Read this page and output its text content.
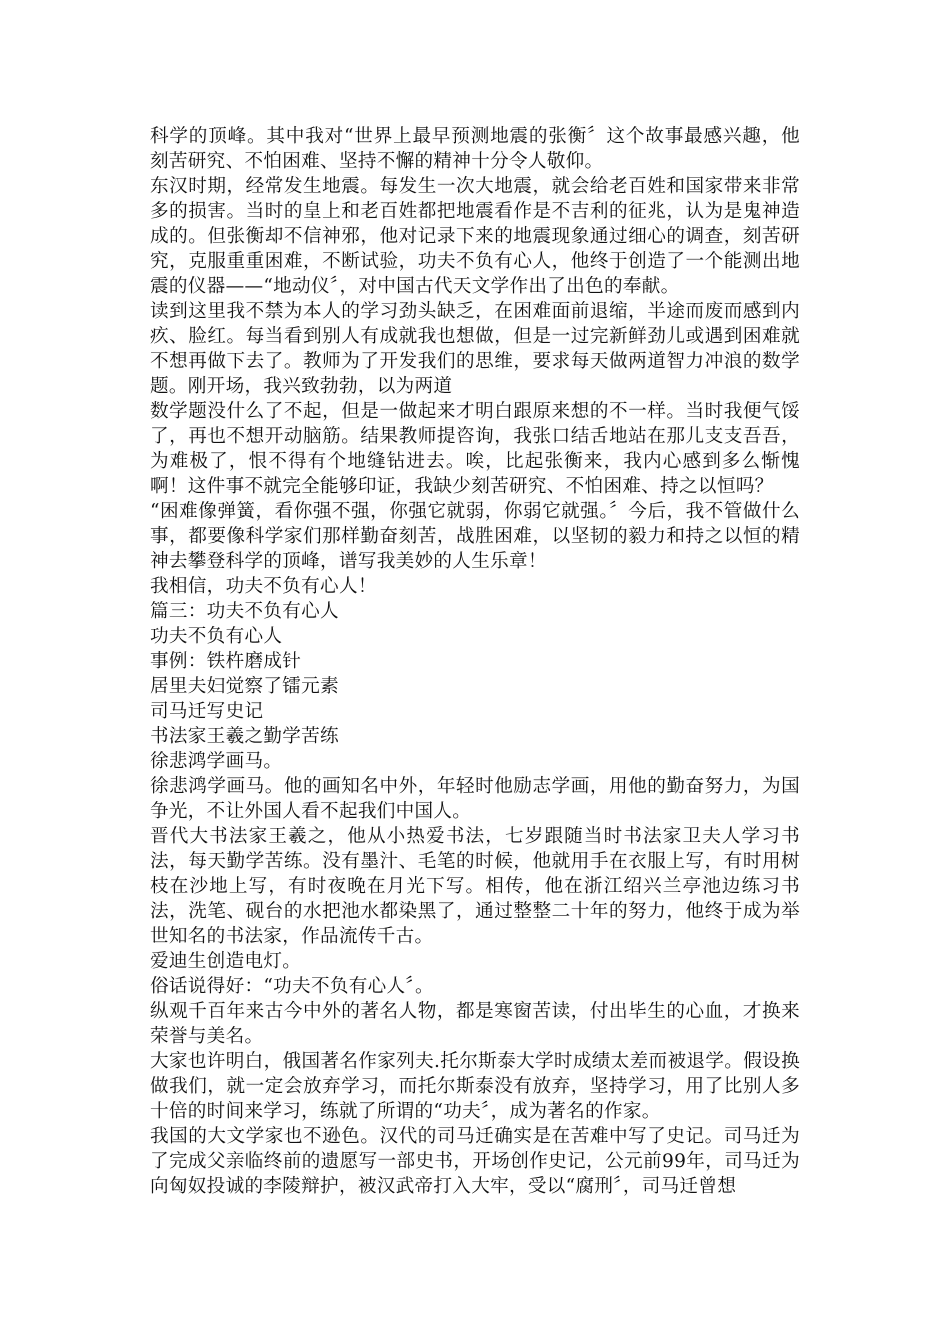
科学的顶峰。其中我对“世界上最早预测地震的张衡〞这个故事最感兴趣，他刻苦研究、不怕困难、坚持不懈的精神十分令人敬仰。

东汉时期，经常发生地震。每发生一次大地震，就会给老百姓和国家带来非常多的损害。当时的皇上和老百姓都把地震看作是不吉利的征兆，认为是鬼神造成的。但张衡却不信神邪，他对记录下来的地震现象通过细心的调查，刻苦研究，克服重重困难，不断试验，功夫不负有心人，他终于创造了一个能测出地震的仪器——“地动仪〞，对中国古代天文学作出了出色的奉献。

读到这里我不禁为本人的学习劲头缺乏，在困难面前退缩，半途而废而感到内疚、脸红。每当看到别人有成就我也想做，但是一过完新鲜劲儿或遇到困难就不想再做下去了。教师为了开发我们的思维，要求每天做两道智力冲浪的数学题。刚开场，我兴致勃勃，以为两道

数学题没什么了不起，但是一做起来才明白跟原来想的不一样。当时我便气馁了，再也不想开动脑筋。结果教师提咨询，我张口结舌地站在那儿支支吾吾，为难极了，恨不得有个地缝钻进去。唉，比起张衡来，我内心感到多么惭愧啊！这件事不就完全能够印证，我缺少刻苦研究、不怕困难、持之以恒吗？

“困难像弹簧，看你强不强，你强它就弱，你弱它就强。〞今后，我不管做什么事，都要像科学家们那样勤奋刻苦，战胜困难，以坚韧的毅力和持之以恒的精神去攀登科学的顶峰，谱写我美妙的人生乐章！

我相信，功夫不负有心人！

篇三：功夫不负有心人

功夫不负有心人

事例：铁杵磨成针

居里夫妇觉察了镭元素

司马迁写史记

书法家王羲之勤学苦练

徐悲鸿学画马。

徐悲鸿学画马。他的画知名中外，年轻时他励志学画，用他的勤奋努力，为国争光，不让外国人看不起我们中国人。

晋代大书法家王羲之，他从小热爱书法，七岁跟随当时书法家卫夫人学习书法，每天勤学苦练。没有墨汁、毛笔的时候，他就用手在衣服上写，有时用树枝在沙地上写，有时夜晚在月光下写。相传，他在浙江绍兴兰亭池边练习书法，洗笔、砚台的水把池水都染黑了，通过整整二十年的努力，他终于成为举世知名的书法家，作品流传千古。

爱迪生创造电灯。

俗话说得好：“功夫不负有心人〞。

纵观千百年来古今中外的著名人物，都是寒窗苦读，付出毕生的心血，才换来荣誉与美名。

大家也许明白，俄国著名作家列夫.托尔斯泰大学时成绩太差而被退学。假设换做我们，就一定会放弃学习，而托尔斯泰没有放弃，坚持学习，用了比别人多十倍的时间来学习，练就了所谓的“功夫〞，成为著名的作家。

我国的大文学家也不逊色。汉代的司马迁确实是在苦难中写了史记。司马迁为了完成父亲临终前的遗愿写一部史书，开场创作史记，公元前99年，司马迁为向匈奴投诚的李陵辩护，被汉武帝打入大牢，受以“腐刑〞，司马迁曾想
